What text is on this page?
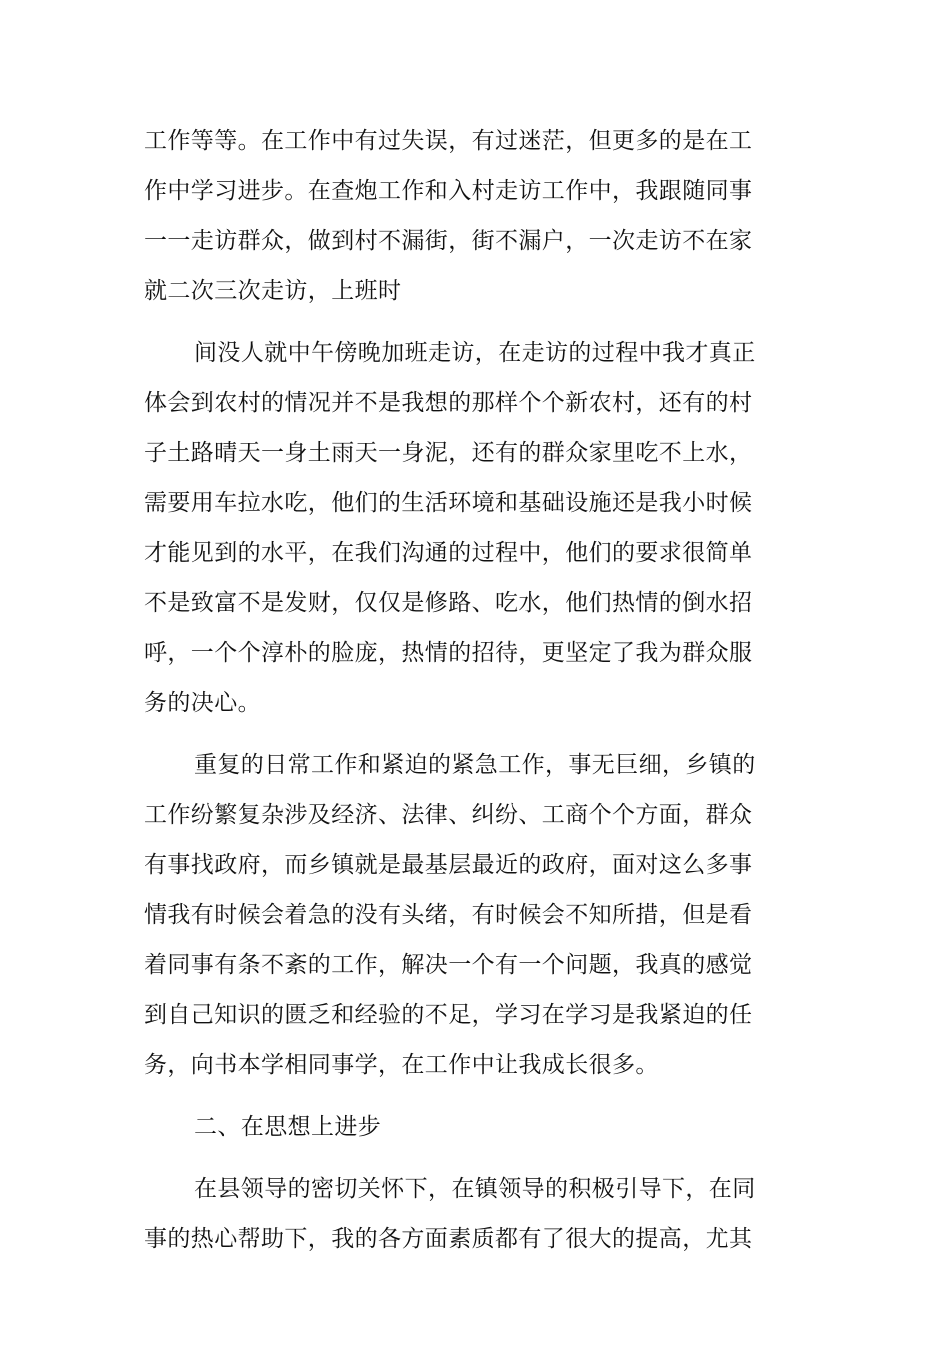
工作等等。在工作中有过失误，有过迷茫，但更多的是在工
作中学习进步。在查炮工作和入村走访工作中，我跟随同事
一一走访群众，做到村不漏街，街不漏户，一次走访不在家
就二次三次走访，上班时
间没人就中午傍晚加班走访，在走访的过程中我才真正
体会到农村的情况并不是我想的那样个个新农村，还有的村
子土路晴天一身土雨天一身泥，还有的群众家里吃不上水，
需要用车拉水吃，他们的生活环境和基础设施还是我小时候
才能见到的水平，在我们沟通的过程中，他们的要求很简单
不是致富不是发财，仅仅是修路、吃水，他们热情的倒水招
呼，一个个淳朴的脸庞，热情的招待，更坚定了我为群众服
务的决心。
重复的日常工作和紧迫的紧急工作，事无巨细，乡镇的
工作纷繁复杂涉及经济、法律、纠纷、工商个个方面，群众
有事找政府，而乡镇就是最基层最近的政府，面对这么多事
情我有时候会着急的没有头绪，有时候会不知所措，但是看
着同事有条不紊的工作，解决一个有一个问题，我真的感觉
到自己知识的匮乏和经验的不足，学习在学习是我紧迫的任
务，向书本学相同事学，在工作中让我成长很多。
二、在思想上进步
在县领导的密切关怀下，在镇领导的积极引导下，在同
事的热心帮助下，我的各方面素质都有了很大的提高，尤其
